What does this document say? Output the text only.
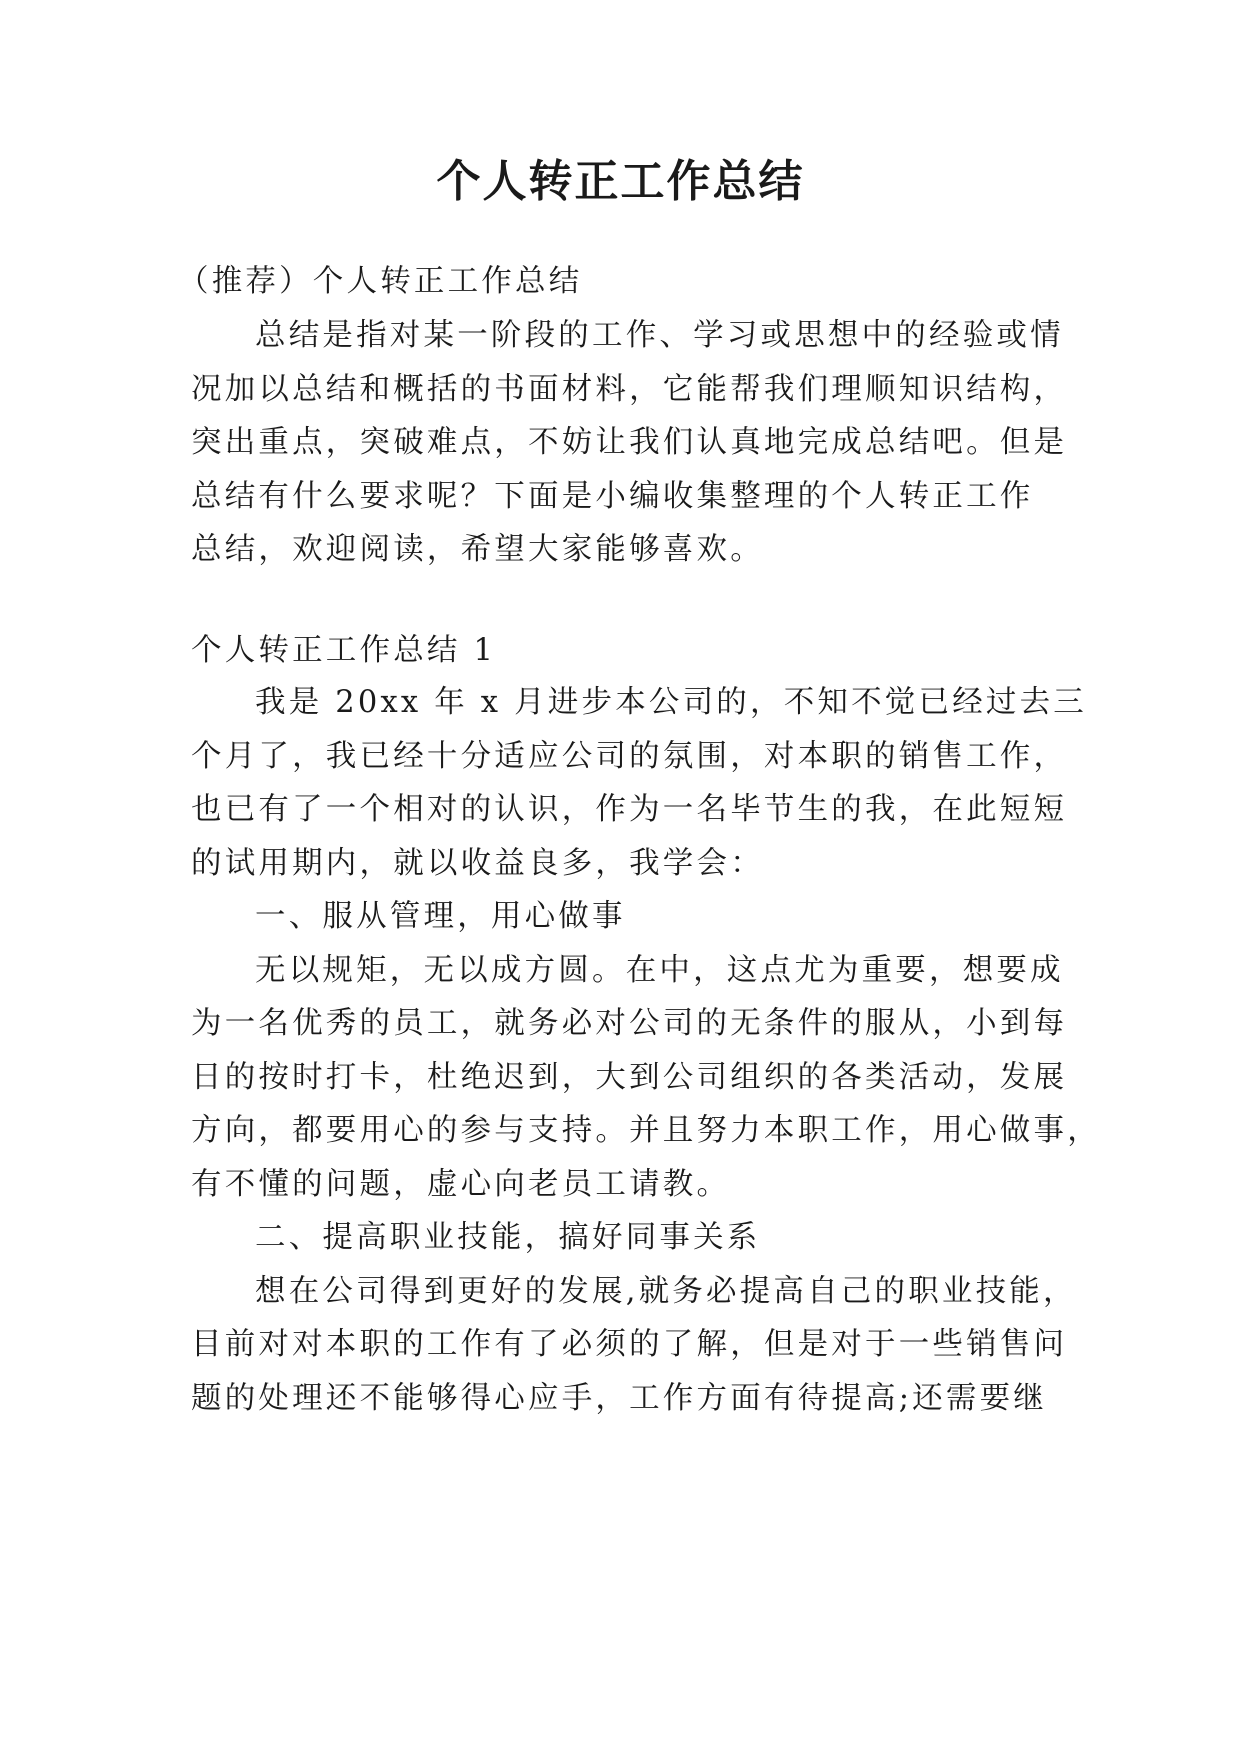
个人转正工作总结

（推荐）个人转正工作总结

总结是指对某一阶段的工作、学习或思想中的经验或情

况加以总结和概括的书面材料，它能帮我们理顺知识结构，

突出重点，突破难点，不妨让我们认真地完成总结吧。但是

总结有什么要求呢？下面是小编收集整理的个人转正工作

总结，欢迎阅读，希望大家能够喜欢。

个人转正工作总结 1

我是 20xx 年 x 月进步本公司的，不知不觉已经过去三

个月了，我已经十分适应公司的氛围，对本职的销售工作，

也已有了一个相对的认识，作为一名毕节生的我，在此短短

的试用期内，就以收益良多，我学会：

一、服从管理，用心做事

无以规矩，无以成方圆。在中，这点尤为重要，想要成

为一名优秀的员工，就务必对公司的无条件的服从，小到每

日的按时打卡，杜绝迟到，大到公司组织的各类活动，发展

方向，都要用心的参与支持。并且努力本职工作，用心做事，

有不懂的问题，虚心向老员工请教。

二、提高职业技能，搞好同事关系

想在公司得到更好的发展,就务必提高自己的职业技能，

目前对对本职的工作有了必须的了解，但是对于一些销售问

题的处理还不能够得心应手，工作方面有待提高;还需要继
